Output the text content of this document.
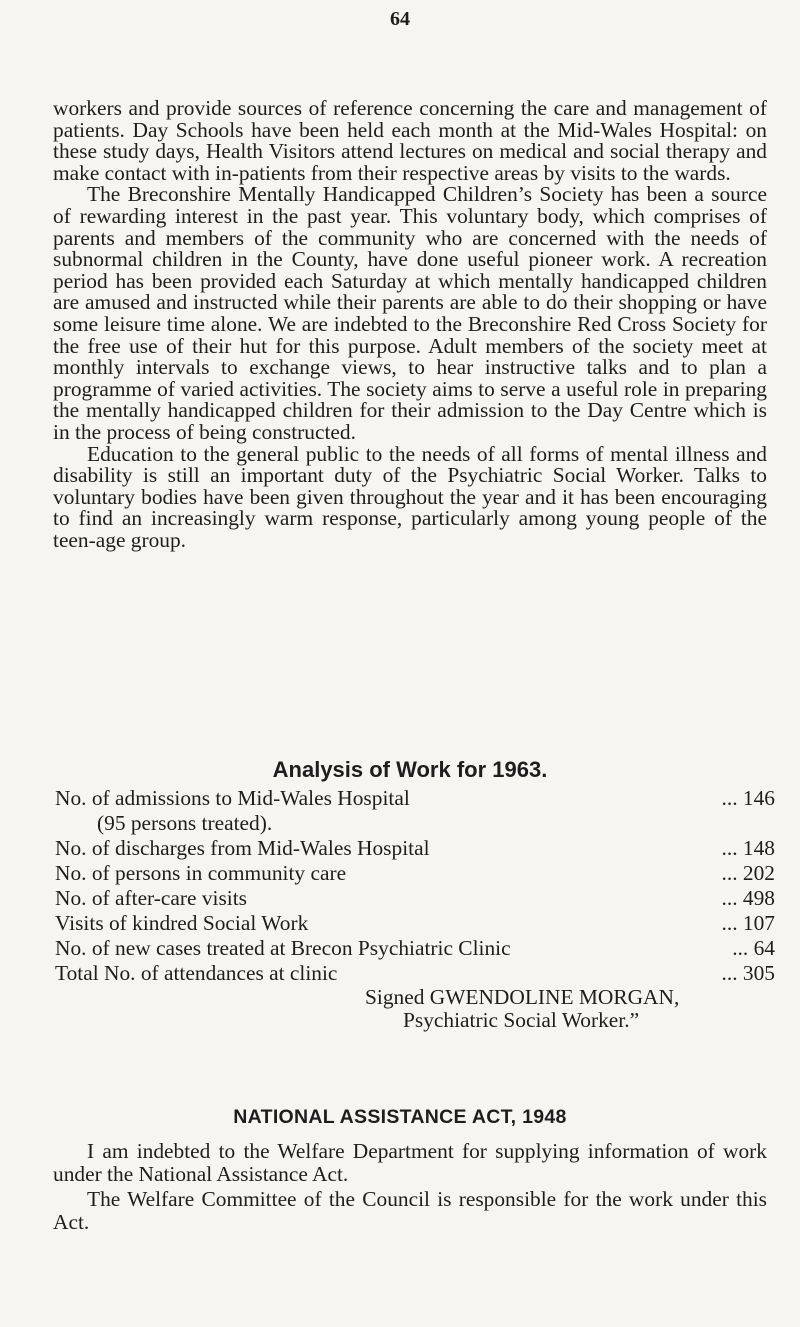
64

workers and provide sources of reference concerning the care and management of patients. Day Schools have been held each month at the Mid-Wales Hospital: on these study days, Health Visitors attend lectures on medical and social therapy and make contact with in-patients from their respective areas by visits to the wards.

The Breconshire Mentally Handicapped Children’s Society has been a source of rewarding interest in the past year. This voluntary body, which comprises of parents and members of the community who are concerned with the needs of subnormal children in the County, have done useful pioneer work. A recreation period has been provided each Saturday at which mentally handicapped children are amused and instructed while their parents are able to do their shopping or have some leisure time alone. We are indebted to the Breconshire Red Cross Society for the free use of their hut for this purpose. Adult members of the society meet at monthly intervals to exchange views, to hear instructive talks and to plan a programme of varied activities. The society aims to serve a useful role in preparing the mentally handicapped children for their admission to the Day Centre which is in the process of being constructed.

Education to the general public to the needs of all forms of mental illness and disability is still an important duty of the Psychiatric Social Worker. Talks to voluntary bodies have been given throughout the year and it has been encouraging to find an increasingly warm response, particularly among young people of the teen-age group.

Analysis of Work for 1963.
No. of admissions to Mid-Wales Hospital	... 146
(95 persons treated).
No. of discharges from Mid-Wales Hospital	... 148
No. of persons in community care	... 202
No. of after-care visits	... 498
Visits of kindred Social Work	... 107
No. of new cases treated at Brecon Psychiatric Clinic	... 64
Total No. of attendances at clinic	... 305
Signed GWENDOLINE MORGAN,
Psychiatric Social Worker.”
NATIONAL ASSISTANCE ACT, 1948

I am indebted to the Welfare Department for supplying information of work under the National Assistance Act.

The Welfare Committee of the Council is responsible for the work under this Act.
